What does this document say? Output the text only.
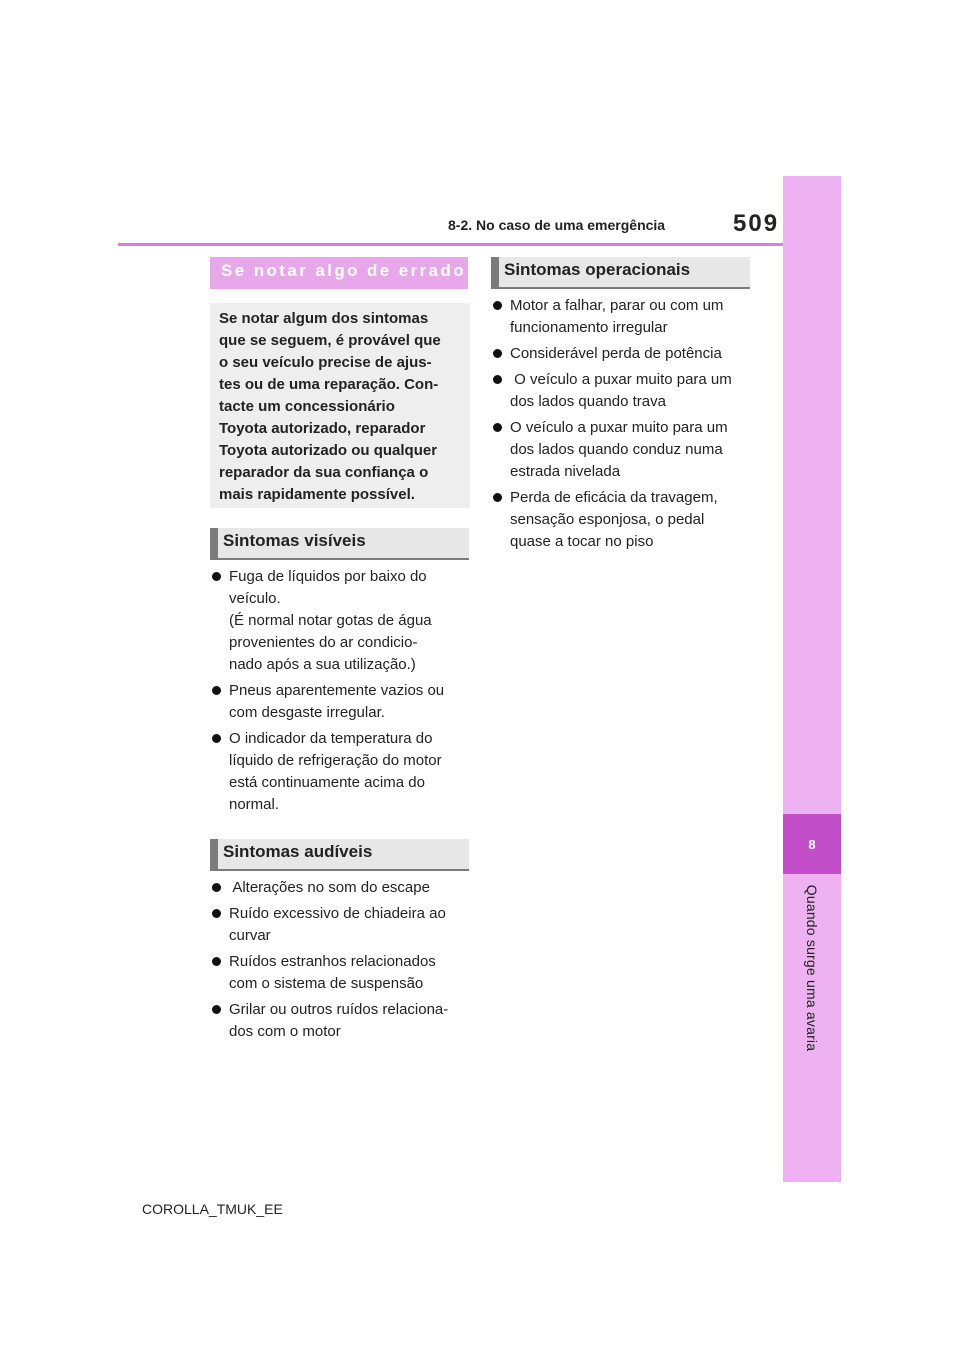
8
Quando surge uma avaria
8-2. No caso de uma emergência	509
Se notar algo de errado

Se notar algum dos sintomas

que se seguem, é provável que

o seu veículo precise de ajus-

tes ou de uma reparação. Con-

tacte um concessionário

Toyota autorizado, reparador

Toyota autorizado ou qualquer

reparador da sua confiança o

mais rapidamente possível.

Sintomas visíveis
Fuga de líquidos por baixo do
veículo.
(É normal notar gotas de água
provenientes do ar condicio-
nado após a sua utilização.)
Pneus aparentemente vazios ou
com desgaste irregular.
O indicador da temperatura do
líquido de refrigeração do motor
está continuamente acima do
normal.
Sintomas audíveis
Alterações no som do escape
Ruído excessivo de chiadeira ao
curvar
Ruídos estranhos relacionados
com o sistema de suspensão
Grilar ou outros ruídos relaciona-
dos com o motor
Sintomas operacionais
Motor a falhar, parar ou com um
funcionamento irregular
Considerável perda de potência
O veículo a puxar muito para um
dos lados quando trava
O veículo a puxar muito para um
dos lados quando conduz numa
estrada nivelada
Perda de eficácia da travagem,
sensação esponjosa, o pedal
quase a tocar no piso
COROLLA_TMUK_EE
